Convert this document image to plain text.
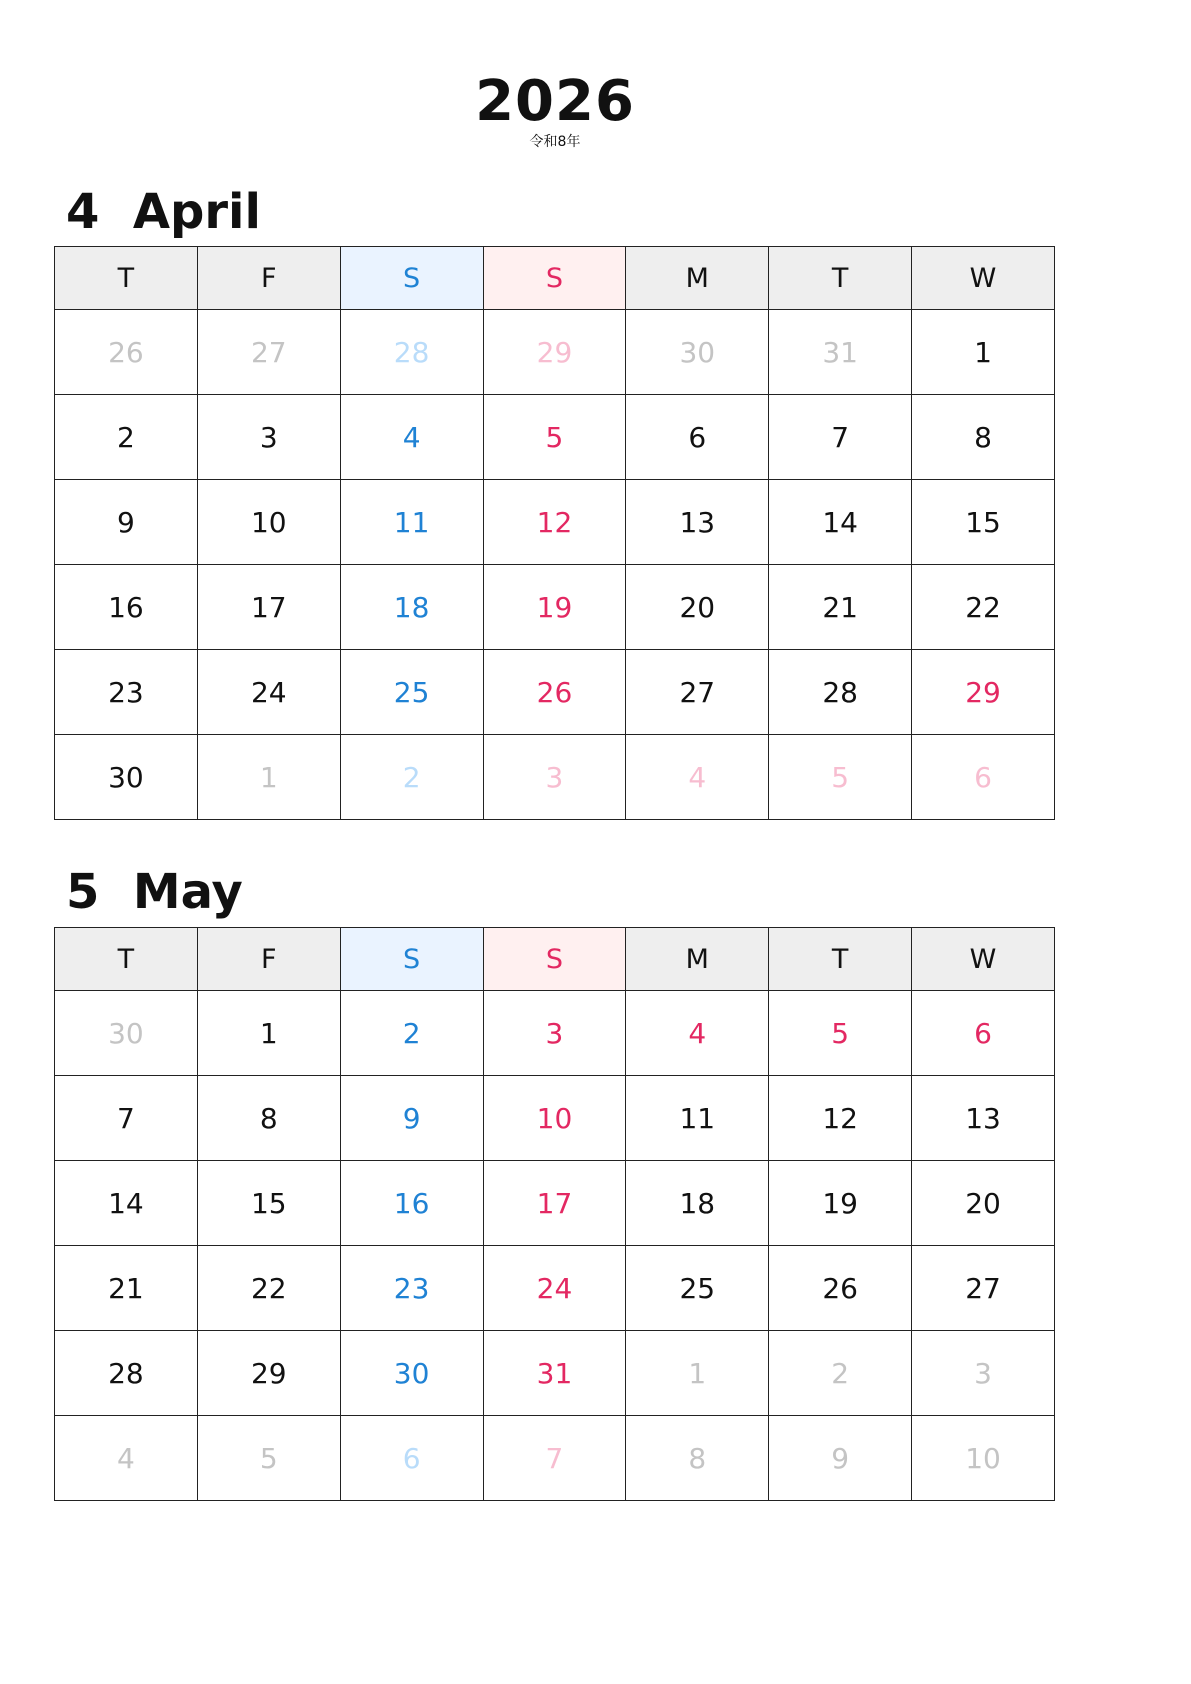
2026
令和8年
4 April
T	F	S	S	M	T	W
26	27	28	29	30	31	1
2	3	4	5	6	7	8
9	10	11	12	13	14	15
16	17	18	19	20	21	22
23	24	25	26	27	28	29
30	1	2	3	4	5	6
5 May
T	F	S	S	M	T	W
30	1	2	3	4	5	6
7	8	9	10	11	12	13
14	15	16	17	18	19	20
21	22	23	24	25	26	27
28	29	30	31	1	2	3
4	5	6	7	8	9	10
